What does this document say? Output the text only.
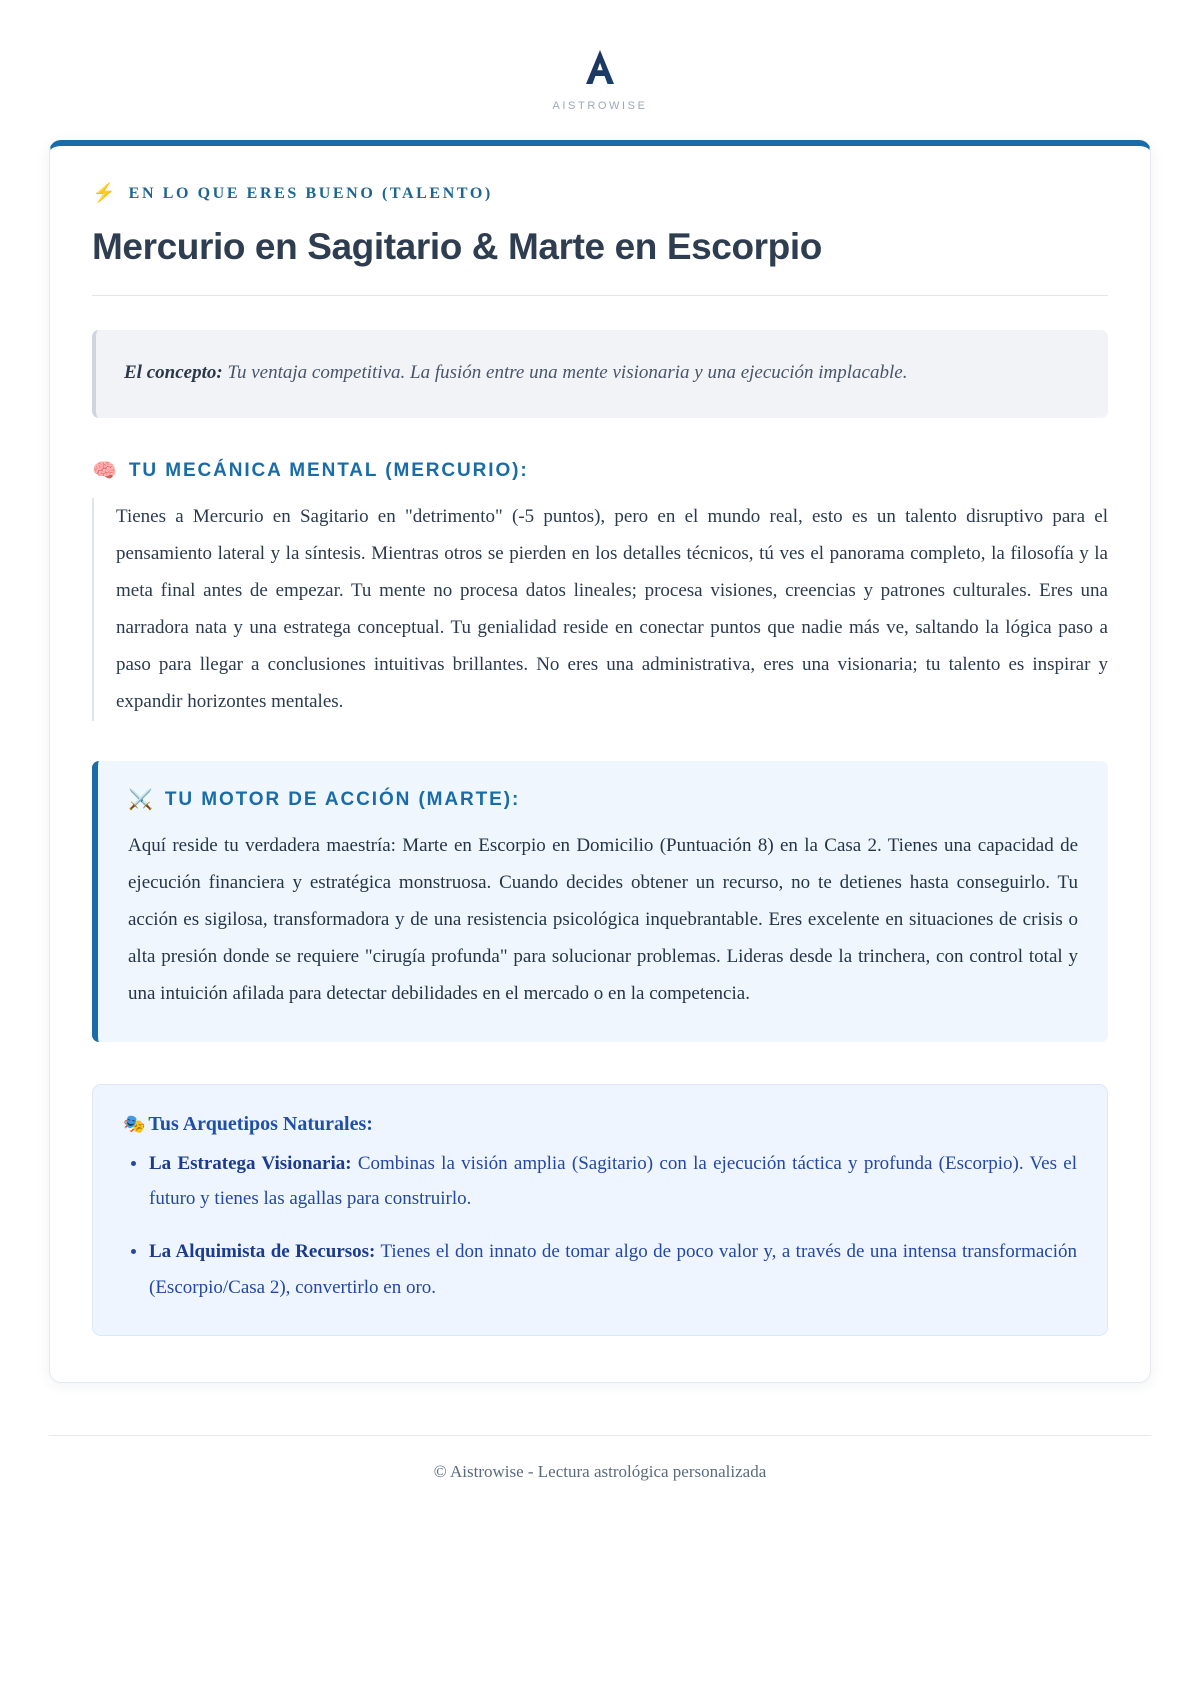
AISTROWISE
⚡ EN LO QUE ERES BUENO (TALENTO)
Mercurio en Sagitario & Marte en Escorpio

El concepto: Tu ventaja competitiva. La fusión entre una mente visionaria y una ejecución implacable.

🧠 TU MECÁNICA MENTAL (MERCURIO):

Tienes a Mercurio en Sagitario en "detrimento" (-5 puntos), pero en el mundo real, esto es un talento disruptivo para el pensamiento lateral y la síntesis. Mientras otros se pierden en los detalles técnicos, tú ves el panorama completo, la filosofía y la meta final antes de empezar. Tu mente no procesa datos lineales; procesa visiones, creencias y patrones culturales. Eres una narradora nata y una estratega conceptual. Tu genialidad reside en conectar puntos que nadie más ve, saltando la lógica paso a paso para llegar a conclusiones intuitivas brillantes. No eres una administrativa, eres una visionaria; tu talento es inspirar y expandir horizontes mentales.

⚔️ TU MOTOR DE ACCIÓN (MARTE):

Aquí reside tu verdadera maestría: Marte en Escorpio en Domicilio (Puntuación 8) en la Casa 2. Tienes una capacidad de ejecución financiera y estratégica monstruosa. Cuando decides obtener un recurso, no te detienes hasta conseguirlo. Tu acción es sigilosa, transformadora y de una resistencia psicológica inquebrantable. Eres excelente en situaciones de crisis o alta presión donde se requiere "cirugía profunda" para solucionar problemas. Lideras desde la trinchera, con control total y una intuición afilada para detectar debilidades en el mercado o en la competencia.

🎭 Tus Arquetipos Naturales:
La Estratega Visionaria: Combinas la visión amplia (Sagitario) con la ejecución táctica y profunda (Escorpio). Ves el futuro y tienes las agallas para construirlo.
La Alquimista de Recursos: Tienes el don innato de tomar algo de poco valor y, a través de una intensa transformación (Escorpio/Casa 2), convertirlo en oro.
© Aistrowise - Lectura astrológica personalizada
